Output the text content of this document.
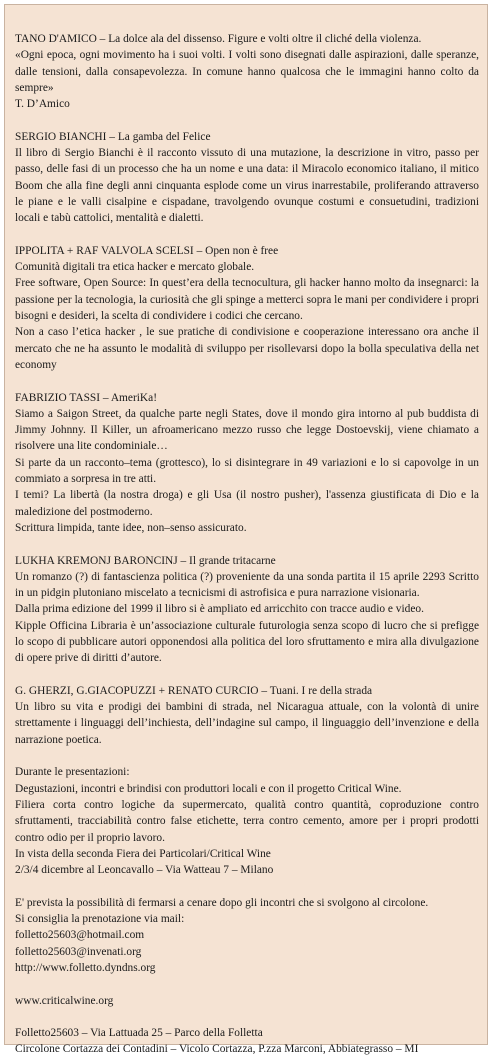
TANO D'AMICO – La dolce ala del dissenso. Figure e volti oltre il cliché della violenza.

«Ogni epoca, ogni movimento ha i suoi volti. I volti sono disegnati dalle aspirazioni, dalle speranze, dalle tensioni, dalla consapevolezza. In comune hanno qualcosa che le immagini hanno colto da sempre»

T. D’Amico

SERGIO BIANCHI – La gamba del Felice

Il libro di Sergio Bianchi è il racconto vissuto di una mutazione, la descrizione in vitro, passo per passo, delle fasi di un processo che ha un nome e una data: il Miracolo economico italiano, il mitico Boom che alla fine degli anni cinquanta esplode come un virus inarrestabile, proliferando attraverso le piane e le valli cisalpine e cispadane, travolgendo ovunque costumi e consuetudini, tradizioni locali e tabù cattolici, mentalità e dialetti.

IPPOLITA + RAF VALVOLA SCELSI – Open non è free

Comunità digitali tra etica hacker e mercato globale.

Free software, Open Source: In quest’era della tecnocultura, gli hacker hanno molto da insegnarci: la passione per la tecnologia, la curiosità che gli spinge a metterci sopra le mani per condividere i propri bisogni e desideri, la scelta di condividere i codici che cercano.

Non a caso l’etica hacker , le sue pratiche di condivisione e cooperazione interessano ora anche il mercato che ne ha assunto le modalità di sviluppo per risollevarsi dopo la bolla speculativa della net economy

FABRIZIO TASSI – AmeriKa!

Siamo a Saigon Street, da qualche parte negli States, dove il mondo gira intorno al pub buddista di Jimmy Johnny. Il Killer, un afroamericano mezzo russo che legge Dostoevskij, viene chiamato a risolvere una lite condominiale…

Si parte da un racconto–tema (grottesco), lo si disintegrare in 49 variazioni e lo si capovolge in un commiato a sorpresa in tre atti.

I temi? La libertà (la nostra droga) e gli Usa (il nostro pusher), l'assenza giustificata di Dio e la maledizione del postmoderno.

Scrittura limpida, tante idee, non–senso assicurato.

LUKHA KREMONJ BARONCINJ – Il grande tritacarne

Un romanzo (?) di fantascienza politica (?) proveniente da una sonda partita il 15 aprile 2293 Scritto in un pidgin plutoniano miscelato a tecnicismi di astrofisica e pura narrazione visionaria.

Dalla prima edizione del 1999 il libro si è ampliato ed arricchito con tracce audio e video.

Kipple Officina Libraria è un’associazione culturale futurologia senza scopo di lucro che si prefigge lo scopo di pubblicare autori opponendosi alla politica del loro sfruttamento e mira alla divulgazione di opere prive di diritti d’autore.

G. GHERZI, G.GIACOPUZZI + RENATO CURCIO – Tuani. I re della strada

Un libro su vita e prodigi dei bambini di strada, nel Nicaragua attuale, con la volontà di unire strettamente i linguaggi dell’inchiesta, dell’indagine sul campo, il linguaggio dell’invenzione e della narrazione poetica.

Durante le presentazioni:

Degustazioni, incontri e brindisi con produttori locali e con il progetto Critical Wine.

Filiera corta contro logiche da supermercato, qualità contro quantità, coproduzione contro sfruttamenti, tracciabilità contro false etichette, terra contro cemento, amore per i propri prodotti contro odio per il proprio lavoro.

In vista della seconda Fiera dei Particolari/Critical Wine

2/3/4 dicembre al Leoncavallo – Via Watteau 7 – Milano

E' prevista la possibilità di fermarsi a cenare dopo gli incontri che si svolgono al circolone.

Si consiglia la prenotazione via mail:

folletto25603@hotmail.com

folletto25603@invenati.org

http://www.folletto.dyndns.org

www.criticalwine.org

Folletto25603 – Via Lattuada 25 – Parco della Folletta

Circolone Cortazza dei Contadini – Vicolo Cortazza, P.zza Marconi, Abbiategrasso – MI
